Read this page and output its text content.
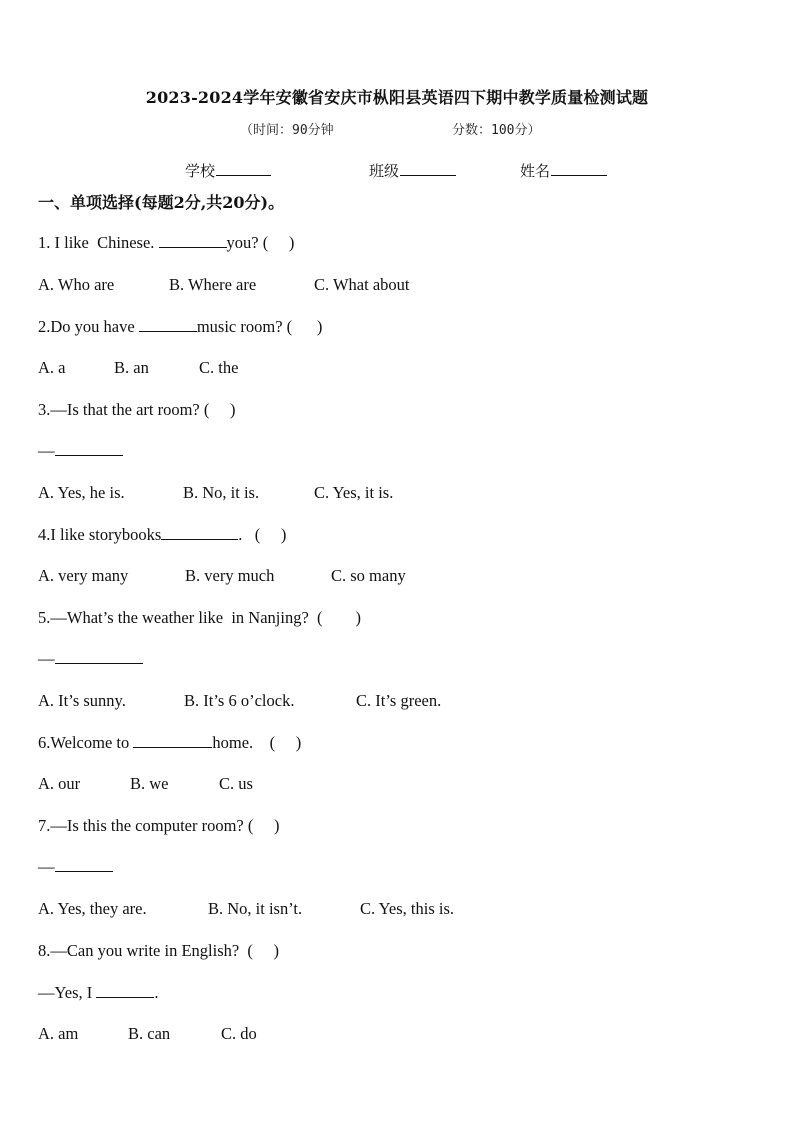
2023-2024学年安徽省安庆市枞阳县英语四下期中教学质量检测试题
（时间：90分钟	分数：100分）
学校	班级	姓名
一、单项选择(每题2分,共20分)。
1. I like  Chinese.	you? (     )
A. Who are	B. Where are	C. What about
2.Do you have	music room? (      )
A. a	B. an	C. the
3.—Is that the art room? (     )
—
A. Yes, he is.	B. No, it is.	C. Yes, it is.
4.I like storybooks	.   (     )
A. very many	B. very much	C. so many
5.—What’s the weather like  in Nanjing?  (        )
—
A. It’s sunny.	B. It’s 6 o’clock.	C. It’s green.
6.Welcome to	home.    (     )
A. our	B. we	C. us
7.—Is this the computer room? (     )
—
A. Yes, they are.	B. No, it isn’t.	C. Yes, this is.
8.—Can you write in English?  (     )
—Yes, I	.
A. am	B. can	C. do
